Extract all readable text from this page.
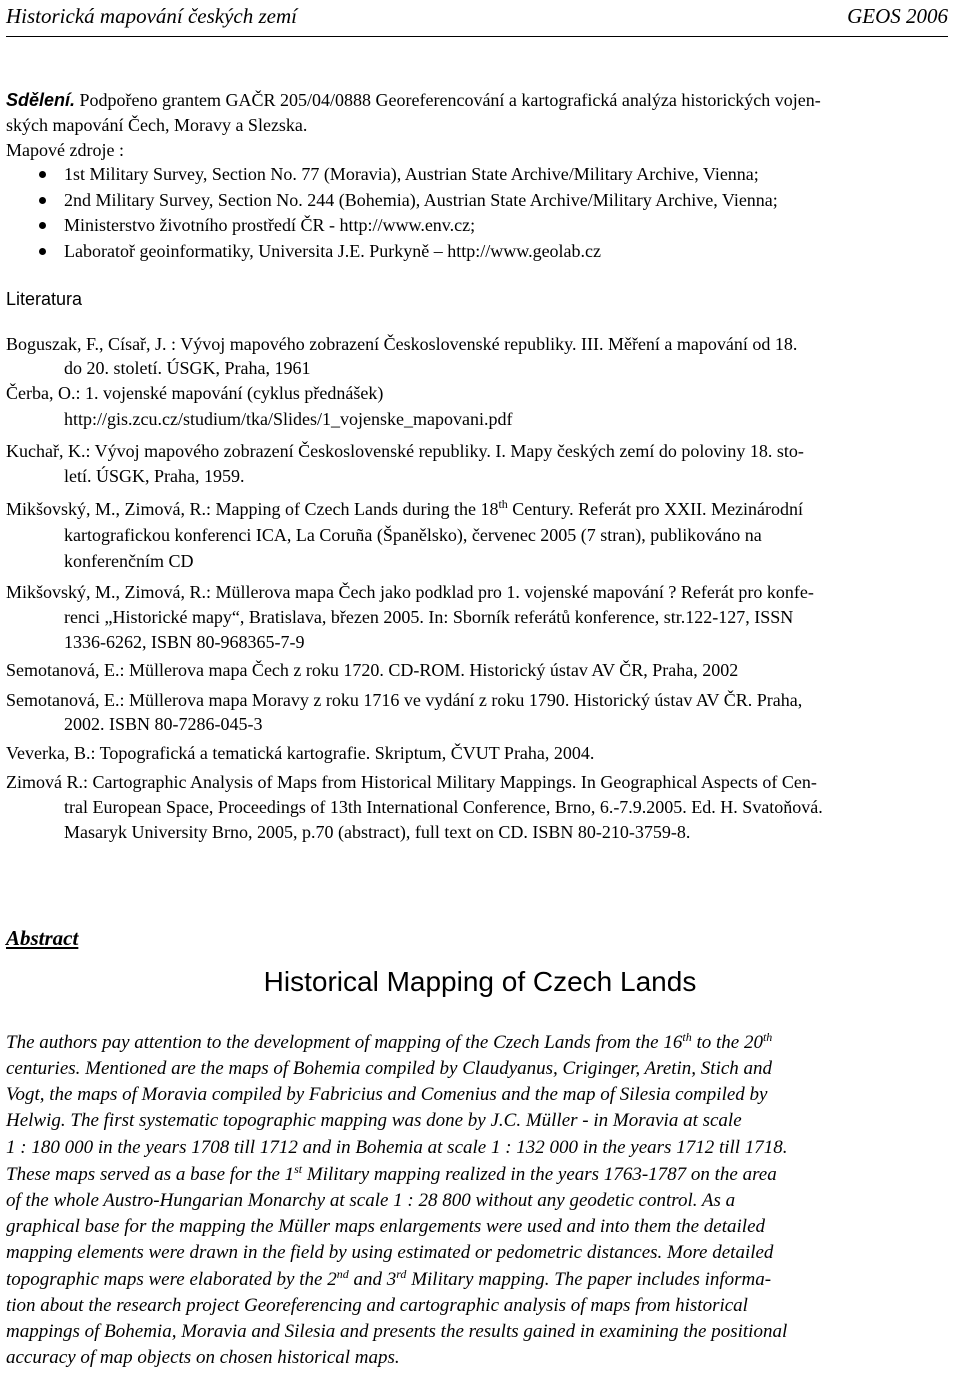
Historická mapování českých zemí	GEOS 2006
Sdělení. Podpořeno grantem GAČR 205/04/0888 Georeferencování a kartografická analýza historických vojen-
ských mapování Čech, Moravy a Slezska.
Mapové zdroje :
1st Military Survey, Section No. 77 (Moravia), Austrian State Archive/Military Archive, Vienna;
2nd Military Survey, Section No. 244 (Bohemia), Austrian State Archive/Military Archive, Vienna;
Ministerstvo životního prostředí ČR - http://www.env.cz;
Laboratoř geoinformatiky, Universita J.E. Purkyně – http://www.geolab.cz
Literatura
Boguszak, F., Císař, J. : Vývoj mapového zobrazení Československé republiky. III. Měření a mapování od 18.
do 20. století. ÚSGK, Praha, 1961
Čerba, O.: 1. vojenské mapování (cyklus přednášek)
http://gis.zcu.cz/studium/tka/Slides/1_vojenske_mapovani.pdf
Kuchař, K.: Vývoj mapového zobrazení Československé republiky. I. Mapy českých zemí do poloviny 18. sto-
letí. ÚSGK, Praha, 1959.
Mikšovský, M., Zimová, R.: Mapping of Czech Lands during the 18th Century. Referát pro XXII. Mezinárodní
kartografickou konferenci ICA, La Coruña (Španělsko), červenec 2005 (7 stran), publikováno na
konferenčním CD
Mikšovský, M., Zimová, R.: Müllerova mapa Čech jako podklad pro 1. vojenské mapování ? Referát pro konfe-
renci „Historické mapy“, Bratislava, březen 2005. In: Sborník referátů konference, str.122-127, ISSN
1336-6262, ISBN 80-968365-7-9
Semotanová, E.: Müllerova mapa Čech z roku 1720. CD-ROM. Historický ústav AV ČR, Praha, 2002
Semotanová, E.: Müllerova mapa Moravy z roku 1716 ve vydání z roku 1790. Historický ústav AV ČR. Praha,
2002. ISBN 80-7286-045-3
Veverka, B.: Topografická a tematická kartografie. Skriptum, ČVUT Praha, 2004.
Zimová R.: Cartographic Analysis of Maps from Historical Military Mappings. In Geographical Aspects of Cen-
tral European Space, Proceedings of 13th International Conference, Brno, 6.-7.9.2005. Ed. H. Svatoňová.
Masaryk University Brno, 2005, p.70 (abstract), full text on CD. ISBN 80-210-3759-8.
Abstract
Historical Mapping of Czech Lands
The authors pay attention to the development of mapping of the Czech Lands from the 16th to the 20th
centuries. Mentioned are the maps of Bohemia compiled by Claudyanus, Criginger, Aretin, Stich and
Vogt, the maps of Moravia compiled by Fabricius and Comenius and the map of Silesia compiled by
Helwig. The first systematic topographic mapping was done by J.C. Müller - in Moravia at scale
1 : 180 000 in the years 1708 till 1712 and in Bohemia at scale 1 : 132 000 in the years 1712 till 1718.
These maps served as a base for the 1st Military mapping realized in the years 1763-1787 on the area
of the whole Austro-Hungarian Monarchy at scale 1 : 28 800 without any geodetic control. As a
graphical base for the mapping the Müller maps enlargements were used and into them the detailed
mapping elements were drawn in the field by using estimated or pedometric distances. More detailed
topographic maps were elaborated by the 2nd and 3rd Military mapping. The paper includes informa-
tion about the research project Georeferencing and cartographic analysis of maps from historical
mappings of Bohemia, Moravia and Silesia and presents the results gained in examining the positional
accuracy of map objects on chosen historical maps.
